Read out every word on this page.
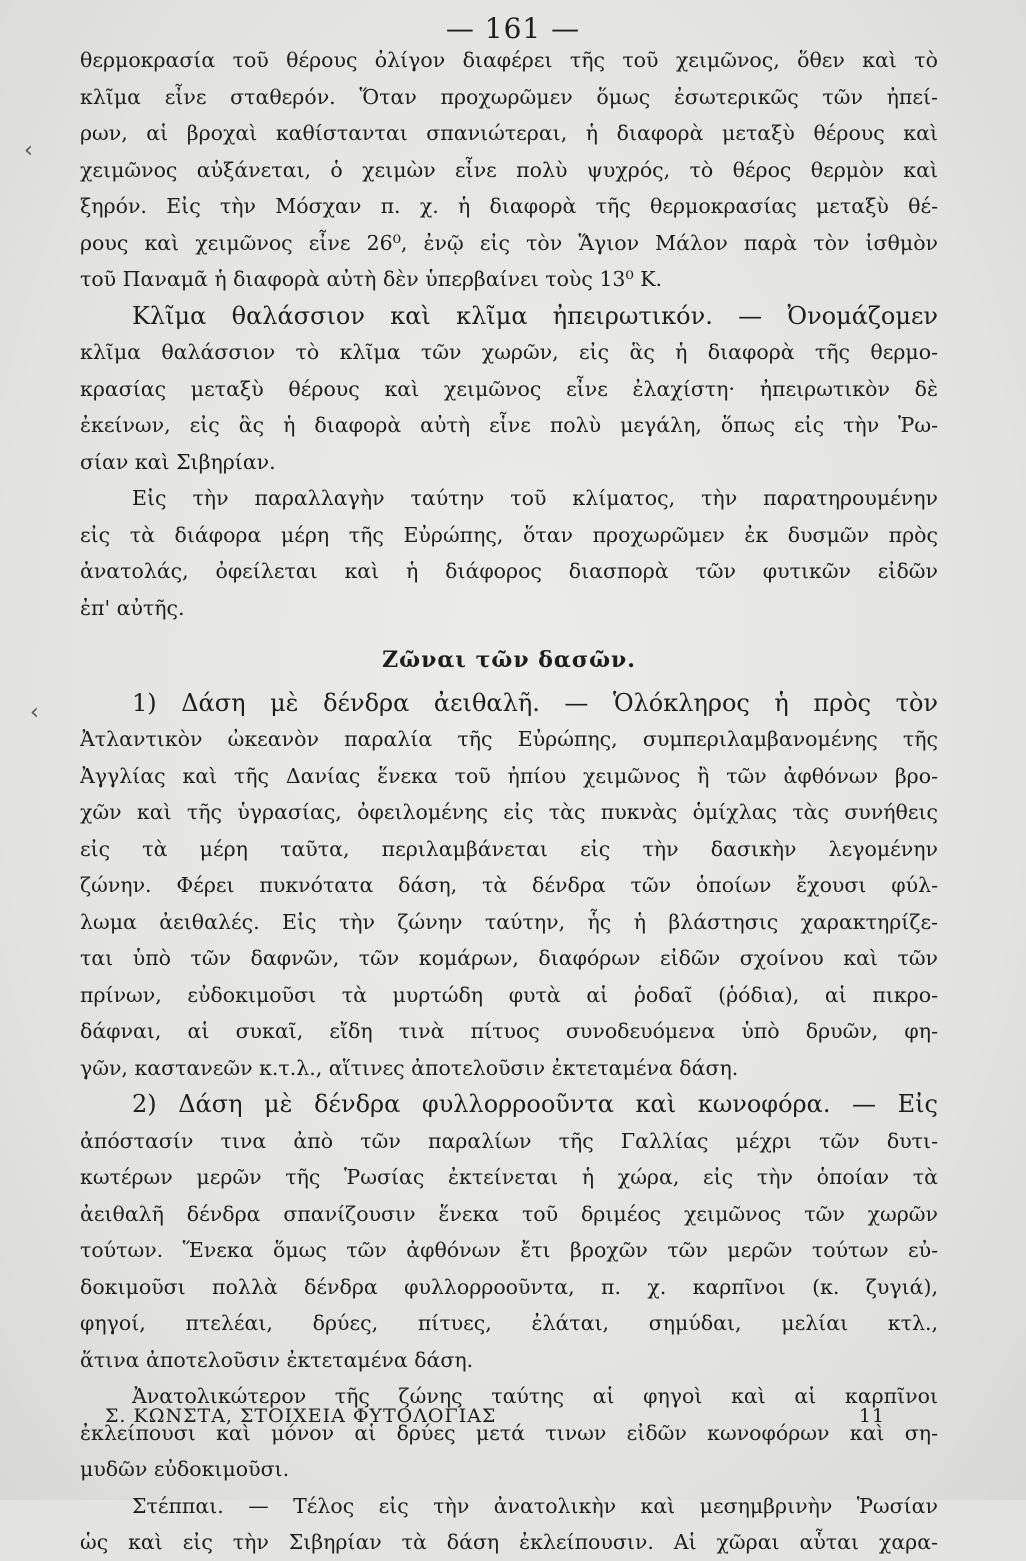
— 161 —
‹
‹
θερμοκρασία τοῦ θέρους ὀλίγον διαφέρει τῆς τοῦ χειμῶνος, ὅθεν καὶ τὸ
κλῖμα εἶνε σταθερόν. Ὅταν προχωρῶμεν ὅμως ἐσωτερικῶς τῶν ἠπεί-
ρων, αἱ βροχαὶ καθίστανται σπανιώτεραι, ἡ διαφορὰ μεταξὺ θέρους καὶ
χειμῶνος αὐξάνεται, ὁ χειμὼν εἶνε πολὺ ψυχρός, τὸ θέρος θερμὸν καὶ
ξηρόν. Εἰς τὴν Μόσχαν π. χ. ἡ διαφορὰ τῆς θερμοκρασίας μεταξὺ θέ-
ρους καὶ χειμῶνος εἶνε 26⁰, ἐνῷ εἰς τὸν Ἅγιον Μάλον παρὰ τὸν ἰσθμὸν
τοῦ Παναμᾶ ἡ διαφορὰ αὐτὴ δὲν ὑπερβαίνει τοὺς 13⁰ Κ.
Κλῖμα θαλάσσιον καὶ κλῖμα ἠπειρωτικόν. — Ὀνομάζομεν
κλῖμα θαλάσσιον τὸ κλῖμα τῶν χωρῶν, εἰς ἃς ἡ διαφορὰ τῆς θερμο-
κρασίας μεταξὺ θέρους καὶ χειμῶνος εἶνε ἐλαχίστη· ἠπειρωτικὸν δὲ
ἐκείνων, εἰς ἃς ἡ διαφορὰ αὐτὴ εἶνε πολὺ μεγάλη, ὅπως εἰς τὴν Ῥω-
σίαν καὶ Σιβηρίαν.
Εἰς τὴν παραλλαγὴν ταύτην τοῦ κλίματος, τὴν παρατηρουμένην
εἰς τὰ διάφορα μέρη τῆς Εὐρώπης, ὅταν προχωρῶμεν ἐκ δυσμῶν πρὸς
ἀνατολάς, ὀφείλεται καὶ ἡ διάφορος διασπορὰ τῶν φυτικῶν εἰδῶν
ἐπ' αὐτῆς.
Ζῶναι τῶν δασῶν.
1) Δάση μὲ δένδρα ἀειθαλῆ. — Ὁλόκληρος ἡ πρὸς τὸν
Ἀτλαντικὸν ὠκεανὸν παραλία τῆς Εὐρώπης, συμπεριλαμβανομένης τῆς
Ἀγγλίας καὶ τῆς Δανίας ἕνεκα τοῦ ἠπίου χειμῶνος ἢ τῶν ἀφθόνων βρο-
χῶν καὶ τῆς ὑγρασίας, ὀφειλομένης εἰς τὰς πυκνὰς ὁμίχλας τὰς συνήθεις
εἰς τὰ μέρη ταῦτα, περιλαμβάνεται εἰς τὴν δασικὴν λεγομένην
ζώνην. Φέρει πυκνότατα δάση, τὰ δένδρα τῶν ὁποίων ἔχουσι φύλ-
λωμα ἀειθαλές. Εἰς τὴν ζώνην ταύτην, ἧς ἡ βλάστησις χαρακτηρίζε-
ται ὑπὸ τῶν δαφνῶν, τῶν κομάρων, διαφόρων εἰδῶν σχοίνου καὶ τῶν
πρίνων, εὐδοκιμοῦσι τὰ μυρτώδη φυτὰ αἱ ῥοδαῖ (ῥόδια), αἱ πικρο-
δάφναι, αἱ συκαῖ, εἴδη τινὰ πίτυος συνοδευόμενα ὑπὸ δρυῶν, φη-
γῶν, καστανεῶν κ.τ.λ., αἵτινες ἀποτελοῦσιν ἐκτεταμένα δάση.
2) Δάση μὲ δένδρα φυλλορροοῦντα καὶ κωνοφόρα. — Εἰς
ἀπόστασίν τινα ἀπὸ τῶν παραλίων τῆς Γαλλίας μέχρι τῶν δυτι-
κωτέρων μερῶν τῆς Ῥωσίας ἐκτείνεται ἡ χώρα, εἰς τὴν ὁποίαν τὰ
ἀειθαλῆ δένδρα σπανίζουσιν ἕνεκα τοῦ δριμέος χειμῶνος τῶν χωρῶν
τούτων. Ἕνεκα ὅμως τῶν ἀφθόνων ἔτι βροχῶν τῶν μερῶν τούτων εὐ-
δοκιμοῦσι πολλὰ δένδρα φυλλορροοῦντα, π. χ. καρπῖνοι (κ. ζυγιά),
φηγοί, πτελέαι, δρύες, πίτυες, ἐλάται, σημύδαι, μελίαι κτλ.,
ἅτινα ἀποτελοῦσιν ἐκτεταμένα δάση.
Ἀνατολικώτερον τῆς ζώνης ταύτης αἱ φηγοὶ καὶ αἱ καρπῖνοι
ἐκλείπουσι καὶ μόνον αἱ δρύες μετά τινων εἰδῶν κωνοφόρων καὶ ση-
μυδῶν εὐδοκιμοῦσι.
Στέππαι. — Τέλος εἰς τὴν ἀνατολικὴν καὶ μεσημβρινὴν Ῥωσίαν
ὡς καὶ εἰς τὴν Σιβηρίαν τὰ δάση ἐκλείπουσιν. Αἱ χῶραι αὗται χαρα-
Σ. ΚΩΝΣΤΑ, ΣΤΟΙΧΕΙΑ ΦΥΤΟΛΟΓΙΑΣ	11
